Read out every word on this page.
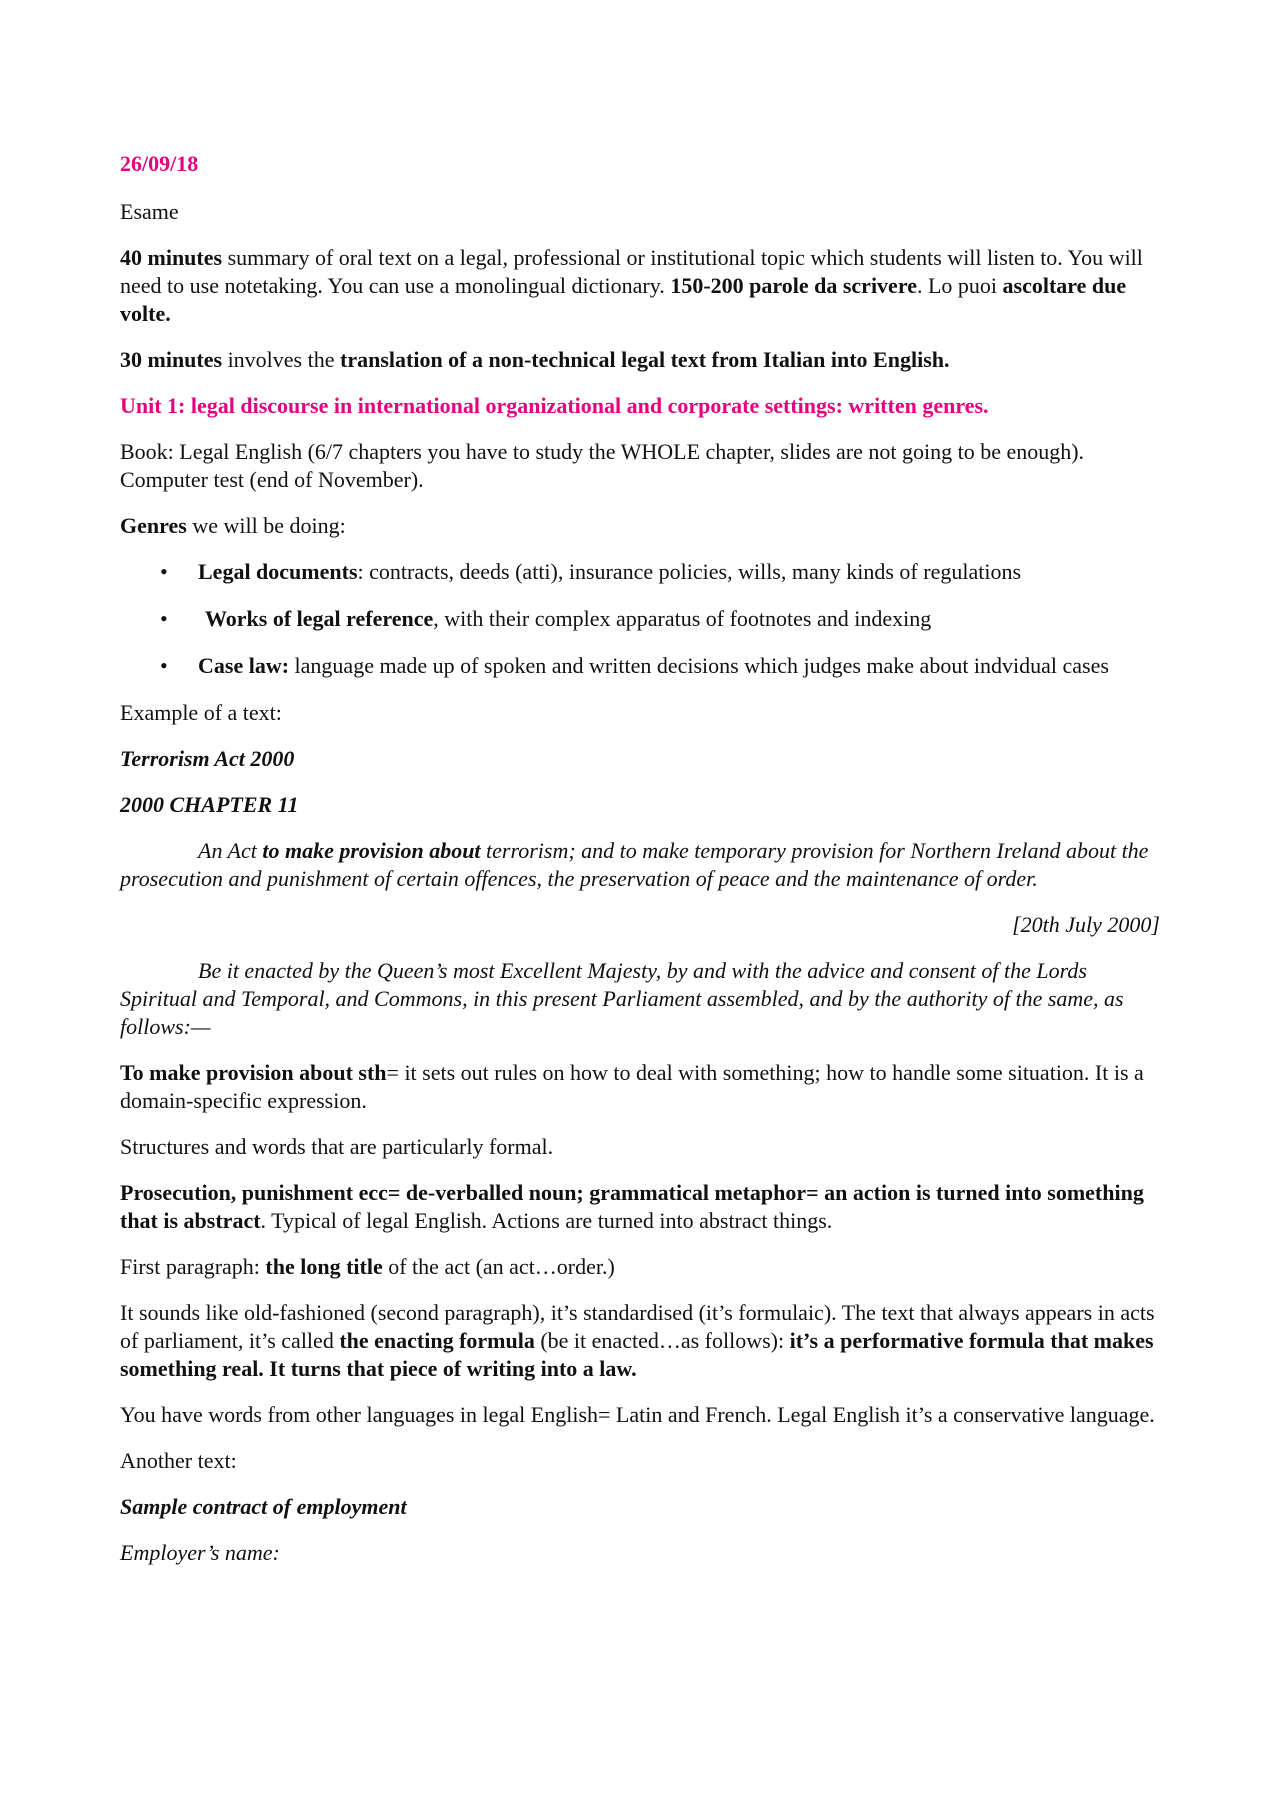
26/09/18

Esame

40 minutes summary of oral text on a legal, professional or institutional topic which students will listen to. You will need to use notetaking. You can use a monolingual dictionary. 150-200 parole da scrivere. Lo puoi ascoltare due volte.

30 minutes involves the translation of a non-technical legal text from Italian into English.

Unit 1: legal discourse in international organizational and corporate settings: written genres.

Book: Legal English (6/7 chapters you have to study the WHOLE chapter, slides are not going to be enough). Computer test (end of November).

Genres we will be doing:

• Legal documents: contracts, deeds (atti), insurance policies, wills, many kinds of regulations
• Works of legal reference, with their complex apparatus of footnotes and indexing
• Case law: language made up of spoken and written decisions which judges make about indvidual cases

Example of a text:

Terrorism Act 2000

2000 CHAPTER 11

An Act to make provision about terrorism; and to make temporary provision for Northern Ireland about the prosecution and punishment of certain offences, the preservation of peace and the maintenance of order.

[20th July 2000]

Be it enacted by the Queen’s most Excellent Majesty, by and with the advice and consent of the Lords Spiritual and Temporal, and Commons, in this present Parliament assembled, and by the authority of the same, as follows:—

To make provision about sth= it sets out rules on how to deal with something; how to handle some situation. It is a domain-specific expression.

Structures and words that are particularly formal.

Prosecution, punishment ecc= de-verballed noun; grammatical metaphor= an action is turned into something that is abstract. Typical of legal English. Actions are turned into abstract things.

First paragraph: the long title of the act (an act…order.)

It sounds like old-fashioned (second paragraph), it’s standardised (it’s formulaic). The text that always appears in acts of parliament, it’s called the enacting formula (be it enacted…as follows): it’s a performative formula that makes something real. It turns that piece of writing into a law.

You have words from other languages in legal English= Latin and French. Legal English it’s a conservative language.

Another text:

Sample contract of employment

Employer’s name:
